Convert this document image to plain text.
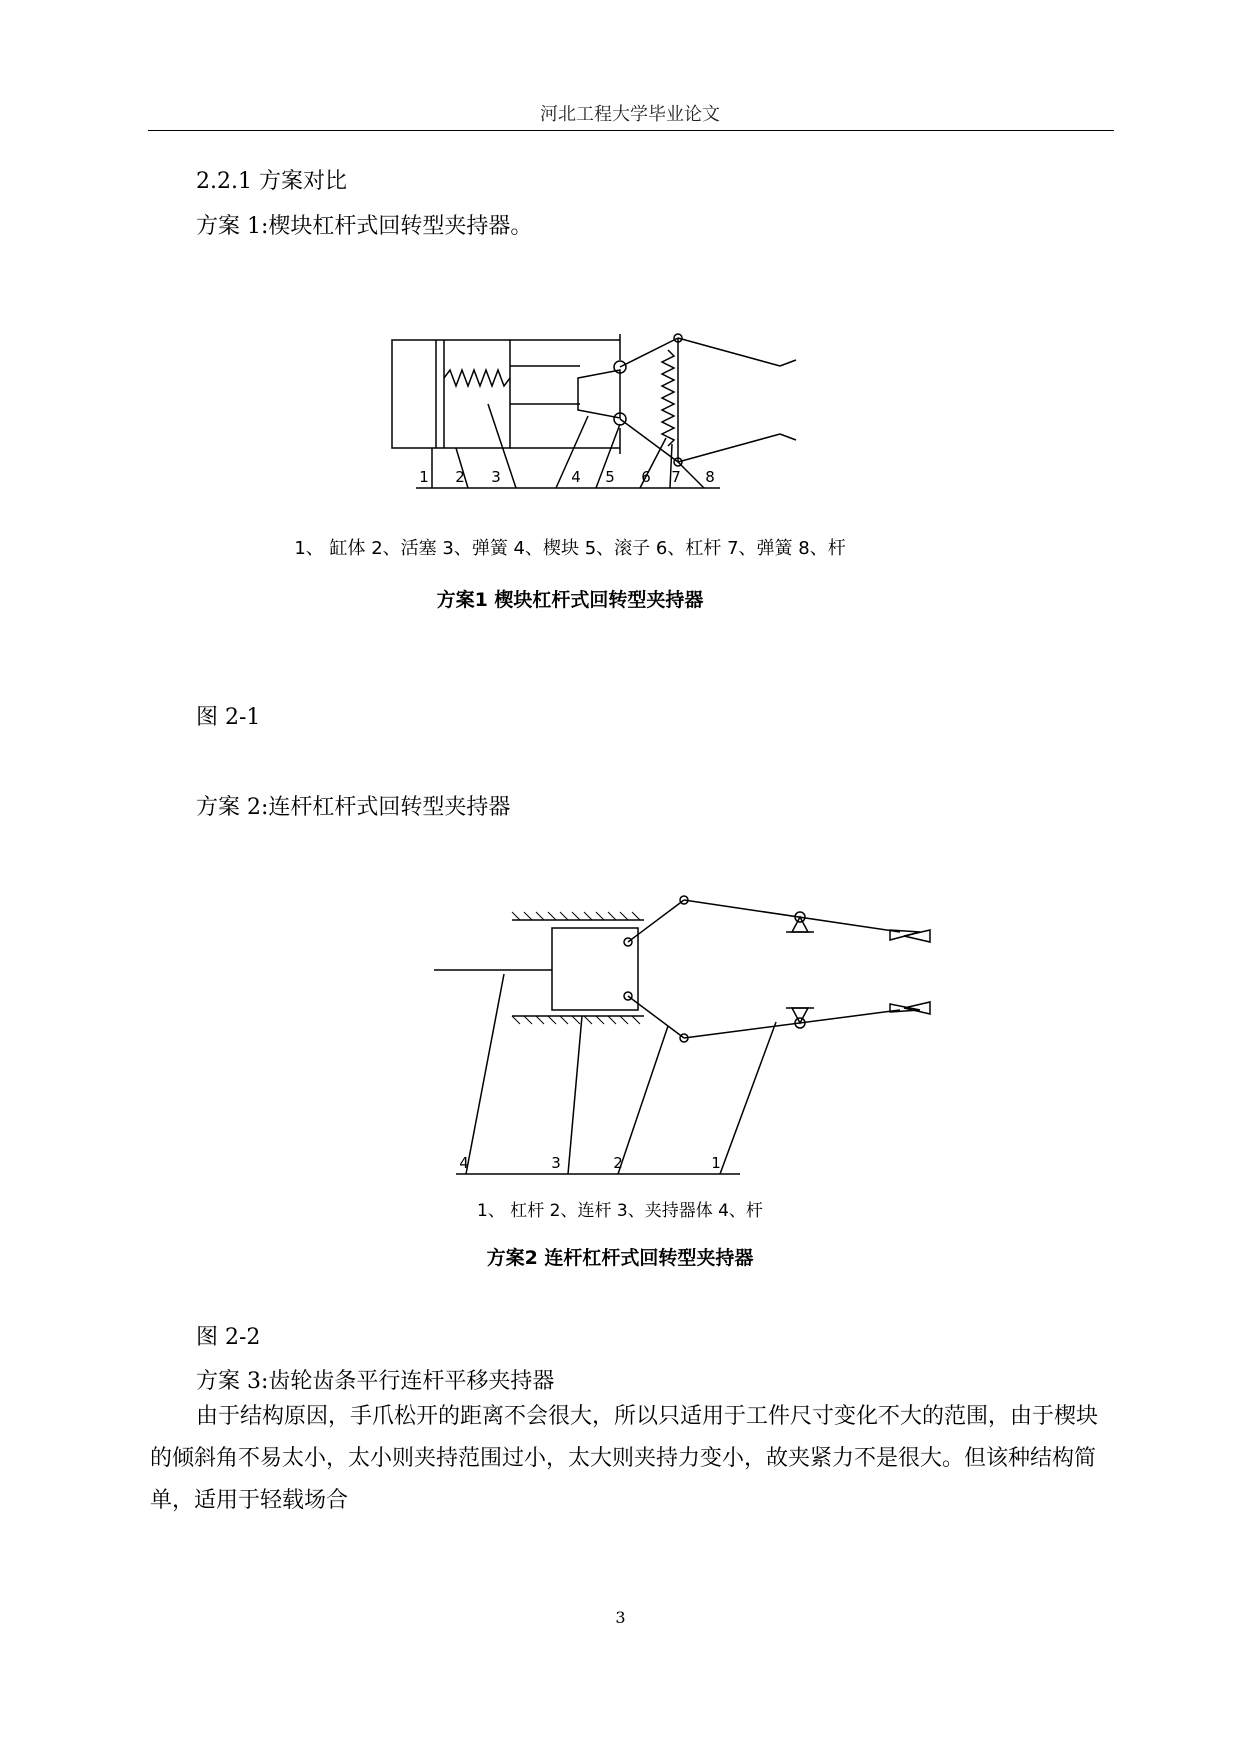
河北工程大学毕业论文
2.2.1 方案对比
方案 1:楔块杠杆式回转型夹持器。
1 2 3	4 5 6 7 8
1、 缸体 2、活塞 3、弹簧 4、楔块 5、滚子 6、杠杆 7、弹簧 8、杆
方案1 楔块杠杆式回转型夹持器
图 2-1
方案 2:连杆杠杆式回转型夹持器
4	3	2	1
1、 杠杆 2、连杆 3、夹持器体 4、杆
方案2 连杆杠杆式回转型夹持器
图 2-2
方案 3:齿轮齿条平行连杆平移夹持器
由于结构原因，手爪松开的距离不会很大，所以只适用于工件尺寸变化不大的范围，由于楔块的倾斜角不易太小，太小则夹持范围过小，太大则夹持力变小，故夹紧力不是很大。但该种结构简单，适用于轻载场合
3
